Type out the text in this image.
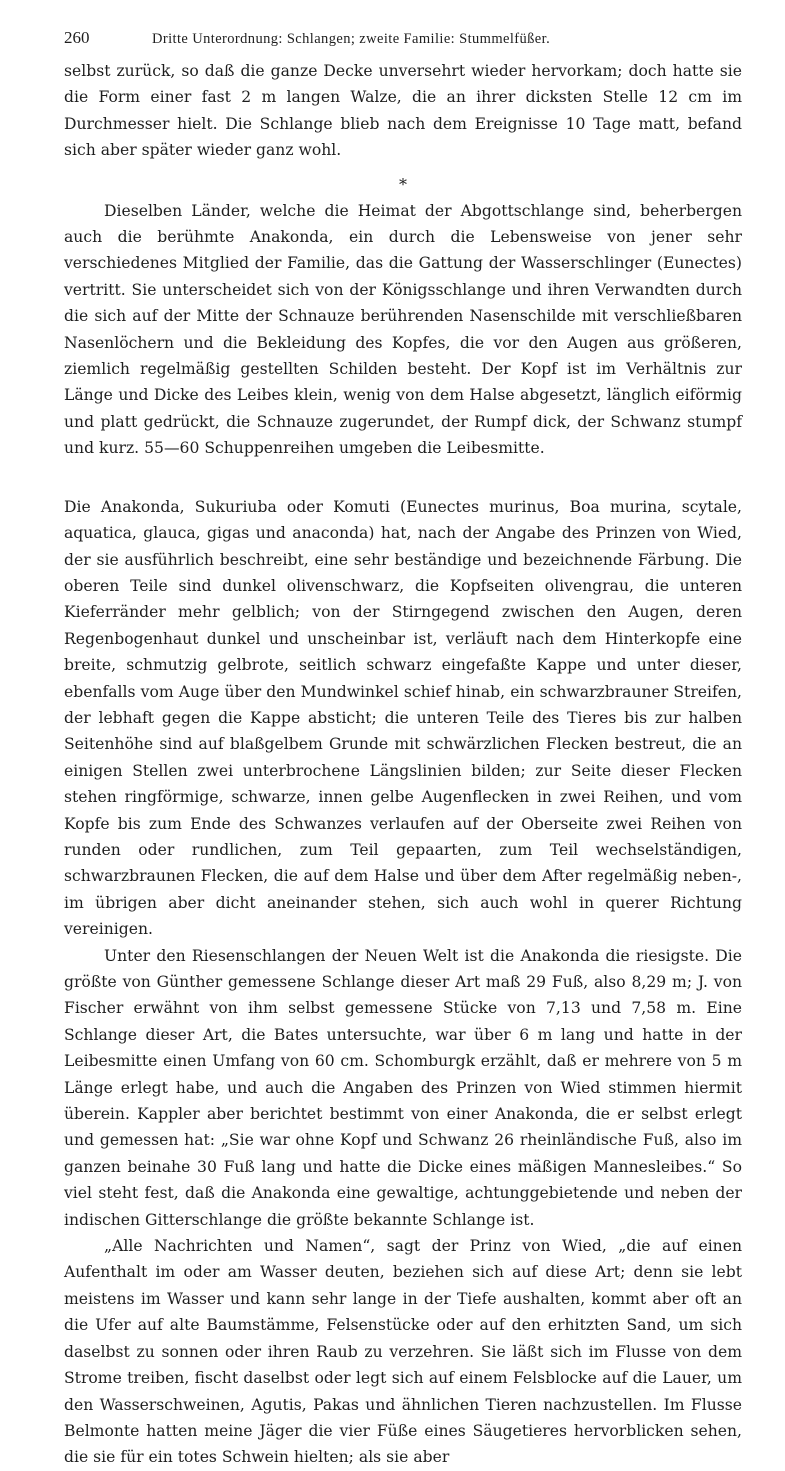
260	Dritte Unterordnung: Schlangen; zweite Familie: Stummelfüßer.

selbst zurück, so daß die ganze Decke unversehrt wieder hervorkam; doch hatte sie die Form einer fast 2 m langen Walze, die an ihrer dicksten Stelle 12 cm im Durchmesser hielt. Die Schlange blieb nach dem Ereignisse 10 Tage matt, befand sich aber später wieder ganz wohl.

*

Dieselben Länder, welche die Heimat der Abgottschlange sind, beherbergen auch die berühmte Anakonda, ein durch die Lebensweise von jener sehr verschiedenes Mitglied der Familie, das die Gattung der Wasserschlinger (Eunectes) vertritt. Sie unterscheidet sich von der Königsschlange und ihren Verwandten durch die sich auf der Mitte der Schnauze berührenden Nasenschilde mit verschließbaren Nasenlöchern und die Bekleidung des Kopfes, die vor den Augen aus größeren, ziemlich regelmäßig gestellten Schilden besteht. Der Kopf ist im Verhältnis zur Länge und Dicke des Leibes klein, wenig von dem Halse abgesetzt, länglich eiförmig und platt gedrückt, die Schnauze zugerundet, der Rumpf dick, der Schwanz stumpf und kurz. 55—60 Schuppenreihen umgeben die Leibesmitte.

Die Anakonda, Sukuriuba oder Komuti (Eunectes murinus, Boa murina, scytale, aquatica, glauca, gigas und anaconda) hat, nach der Angabe des Prinzen von Wied, der sie ausführlich beschreibt, eine sehr beständige und bezeichnende Färbung. Die oberen Teile sind dunkel olivenschwarz, die Kopfseiten olivengrau, die unteren Kieferränder mehr gelblich; von der Stirngegend zwischen den Augen, deren Regenbogenhaut dunkel und unscheinbar ist, verläuft nach dem Hinterkopfe eine breite, schmutzig gelbrote, seitlich schwarz eingefaßte Kappe und unter dieser, ebenfalls vom Auge über den Mundwinkel schief hinab, ein schwarzbrauner Streifen, der lebhaft gegen die Kappe absticht; die unteren Teile des Tieres bis zur halben Seitenhöhe sind auf blaßgelbem Grunde mit schwärzlichen Flecken bestreut, die an einigen Stellen zwei unterbrochene Längslinien bilden; zur Seite dieser Flecken stehen ringförmige, schwarze, innen gelbe Augenflecken in zwei Reihen, und vom Kopfe bis zum Ende des Schwanzes verlaufen auf der Oberseite zwei Reihen von runden oder rundlichen, zum Teil gepaarten, zum Teil wechselständigen, schwarzbraunen Flecken, die auf dem Halse und über dem After regelmäßig neben-, im übrigen aber dicht aneinander stehen, sich auch wohl in querer Richtung vereinigen.

Unter den Riesenschlangen der Neuen Welt ist die Anakonda die riesigste. Die größte von Günther gemessene Schlange dieser Art maß 29 Fuß, also 8,29 m; J. von Fischer erwähnt von ihm selbst gemessene Stücke von 7,13 und 7,58 m. Eine Schlange dieser Art, die Bates untersuchte, war über 6 m lang und hatte in der Leibesmitte einen Umfang von 60 cm. Schomburgk erzählt, daß er mehrere von 5 m Länge erlegt habe, und auch die Angaben des Prinzen von Wied stimmen hiermit überein. Kappler aber berichtet bestimmt von einer Anakonda, die er selbst erlegt und gemessen hat: „Sie war ohne Kopf und Schwanz 26 rheinländische Fuß, also im ganzen beinahe 30 Fuß lang und hatte die Dicke eines mäßigen Mannesleibes.“ So viel steht fest, daß die Anakonda eine gewaltige, achtunggebietende und neben der indischen Gitterschlange die größte bekannte Schlange ist.

„Alle Nachrichten und Namen“, sagt der Prinz von Wied, „die auf einen Aufenthalt im oder am Wasser deuten, beziehen sich auf diese Art; denn sie lebt meistens im Wasser und kann sehr lange in der Tiefe aushalten, kommt aber oft an die Ufer auf alte Baumstämme, Felsenstücke oder auf den erhitzten Sand, um sich daselbst zu sonnen oder ihren Raub zu verzehren. Sie läßt sich im Flusse von dem Strome treiben, fischt daselbst oder legt sich auf einem Felsblocke auf die Lauer, um den Wasserschweinen, Agutis, Pakas und ähnlichen Tieren nachzustellen. Im Flusse Belmonte hatten meine Jäger die vier Füße eines Säugetieres hervorblicken sehen, die sie für ein totes Schwein hielten; als sie aber
